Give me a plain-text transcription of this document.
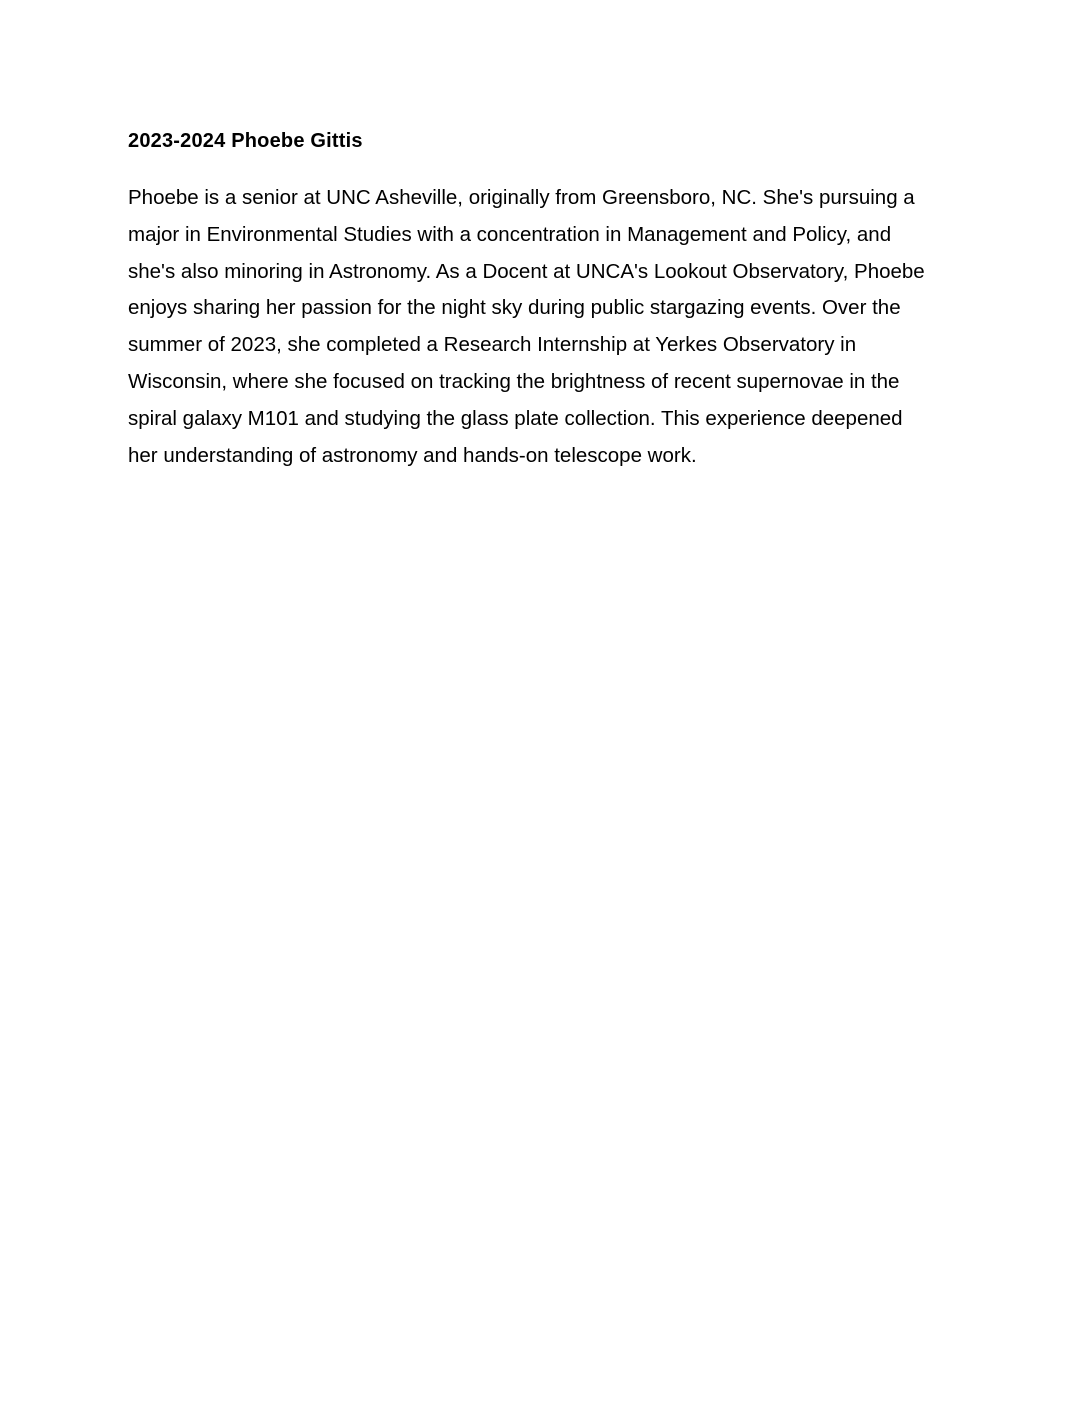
2023-2024 Phoebe Gittis

Phoebe is a senior at UNC Asheville, originally from Greensboro, NC. She's pursuing a
major in Environmental Studies with a concentration in Management and Policy, and
she's also minoring in Astronomy. As a Docent at UNCA's Lookout Observatory, Phoebe
enjoys sharing her passion for the night sky during public stargazing events. Over the
summer of 2023, she completed a Research Internship at Yerkes Observatory in
Wisconsin, where she focused on tracking the brightness of recent supernovae in the
spiral galaxy M101 and studying the glass plate collection. This experience deepened
her understanding of astronomy and hands-on telescope work.
